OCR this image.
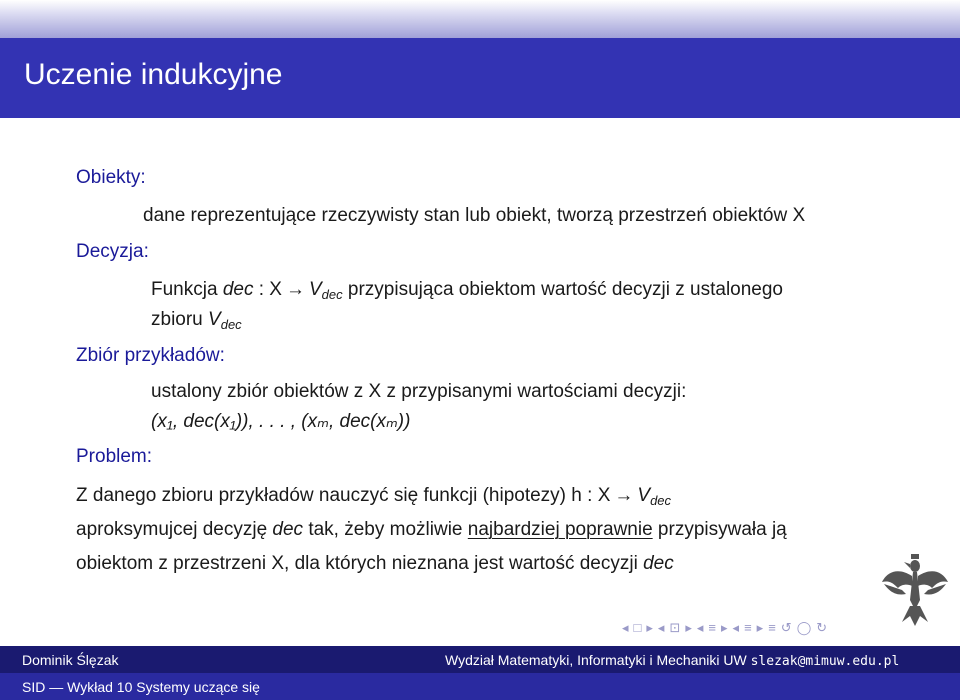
Uczenie indukcyjne
Obiekty:
dane reprezentujące rzeczywisty stan lub obiekt, tworzą przestrzeń obiektów X
Decyzja:
Funkcja dec : $X \to V_{dec}$ przypisująca obiektom wartość decyzji z ustalonego
zbioru $V_{dec}$
Zbiór przykładów:
ustalony zbiór obiektów z X z przypisanymi wartościami decyzji:
(x₁, dec(x₁)), . . . , (xₘ, dec(xₘ))
Problem:
Z danego zbioru przykładów nauczyć się funkcji (hipotezy) h : $X \to V_{dec}$
aproksymujcej decyzję dec tak, żeby możliwie najbardziej poprawnie przypisywała ją
obiektom z przestrzeni X, dla których nieznana jest wartość decyzji dec
◂ □ ▸ ◂ ⊡ ▸ ◂ ≡ ▸ ◂ ≡ ▸ ≡ ↺ ◯ ↻
Dominik Ślęzak	Wydział Matematyki, Informatyki i Mechaniki UW slezak@mimuw.edu.pl
SID — Wykład 10 Systemy uczące się
